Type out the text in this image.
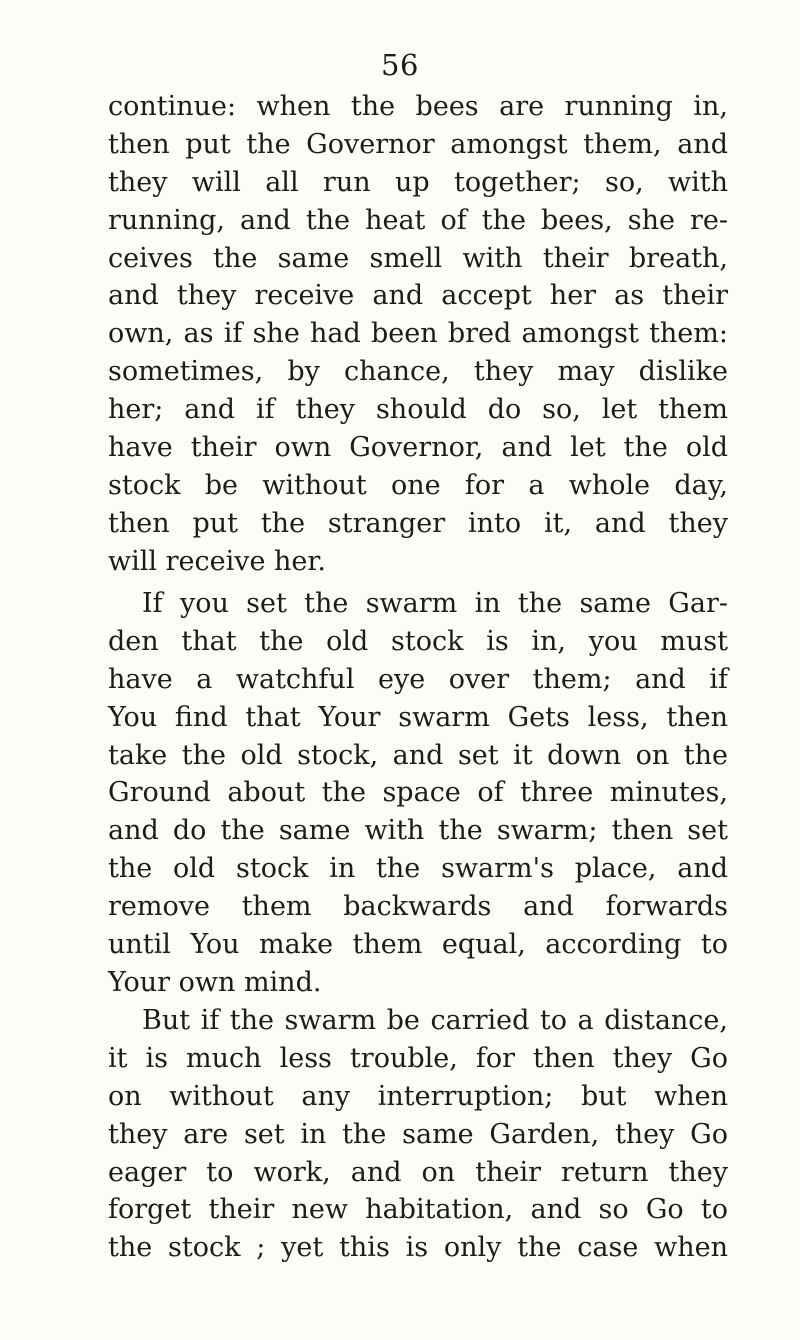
56
continue: when the bees are running in,
then put the Governor amongst them, and
they will all run up together; so, with
running, and the heat of the bees, she re-
ceives the same smell with their breath,
and they receive and accept her as their
own, as if she had been bred amongst them:
sometimes, by chance, they may dislike
her; and if they should do so, let them
have their own Governor, and let the old
stock be without one for a whole day,
then put the stranger into it, and they
will receive her.
If you set the swarm in the same Gar-
den that the old stock is in, you must
have a watchful eye over them; and if
You find that Your swarm Gets less, then
take the old stock, and set it down on the
Ground about the space of three minutes,
and do the same with the swarm; then set
the old stock in the swarm's place, and
remove them backwards and forwards
until You make them equal, according to
Your own mind.
But if the swarm be carried to a distance,
it is much less trouble, for then they Go
on without any interruption; but when
they are set in the same Garden, they Go
eager to work, and on their return they
forget their new habitation, and so Go to
the stock ; yet this is only the case when
